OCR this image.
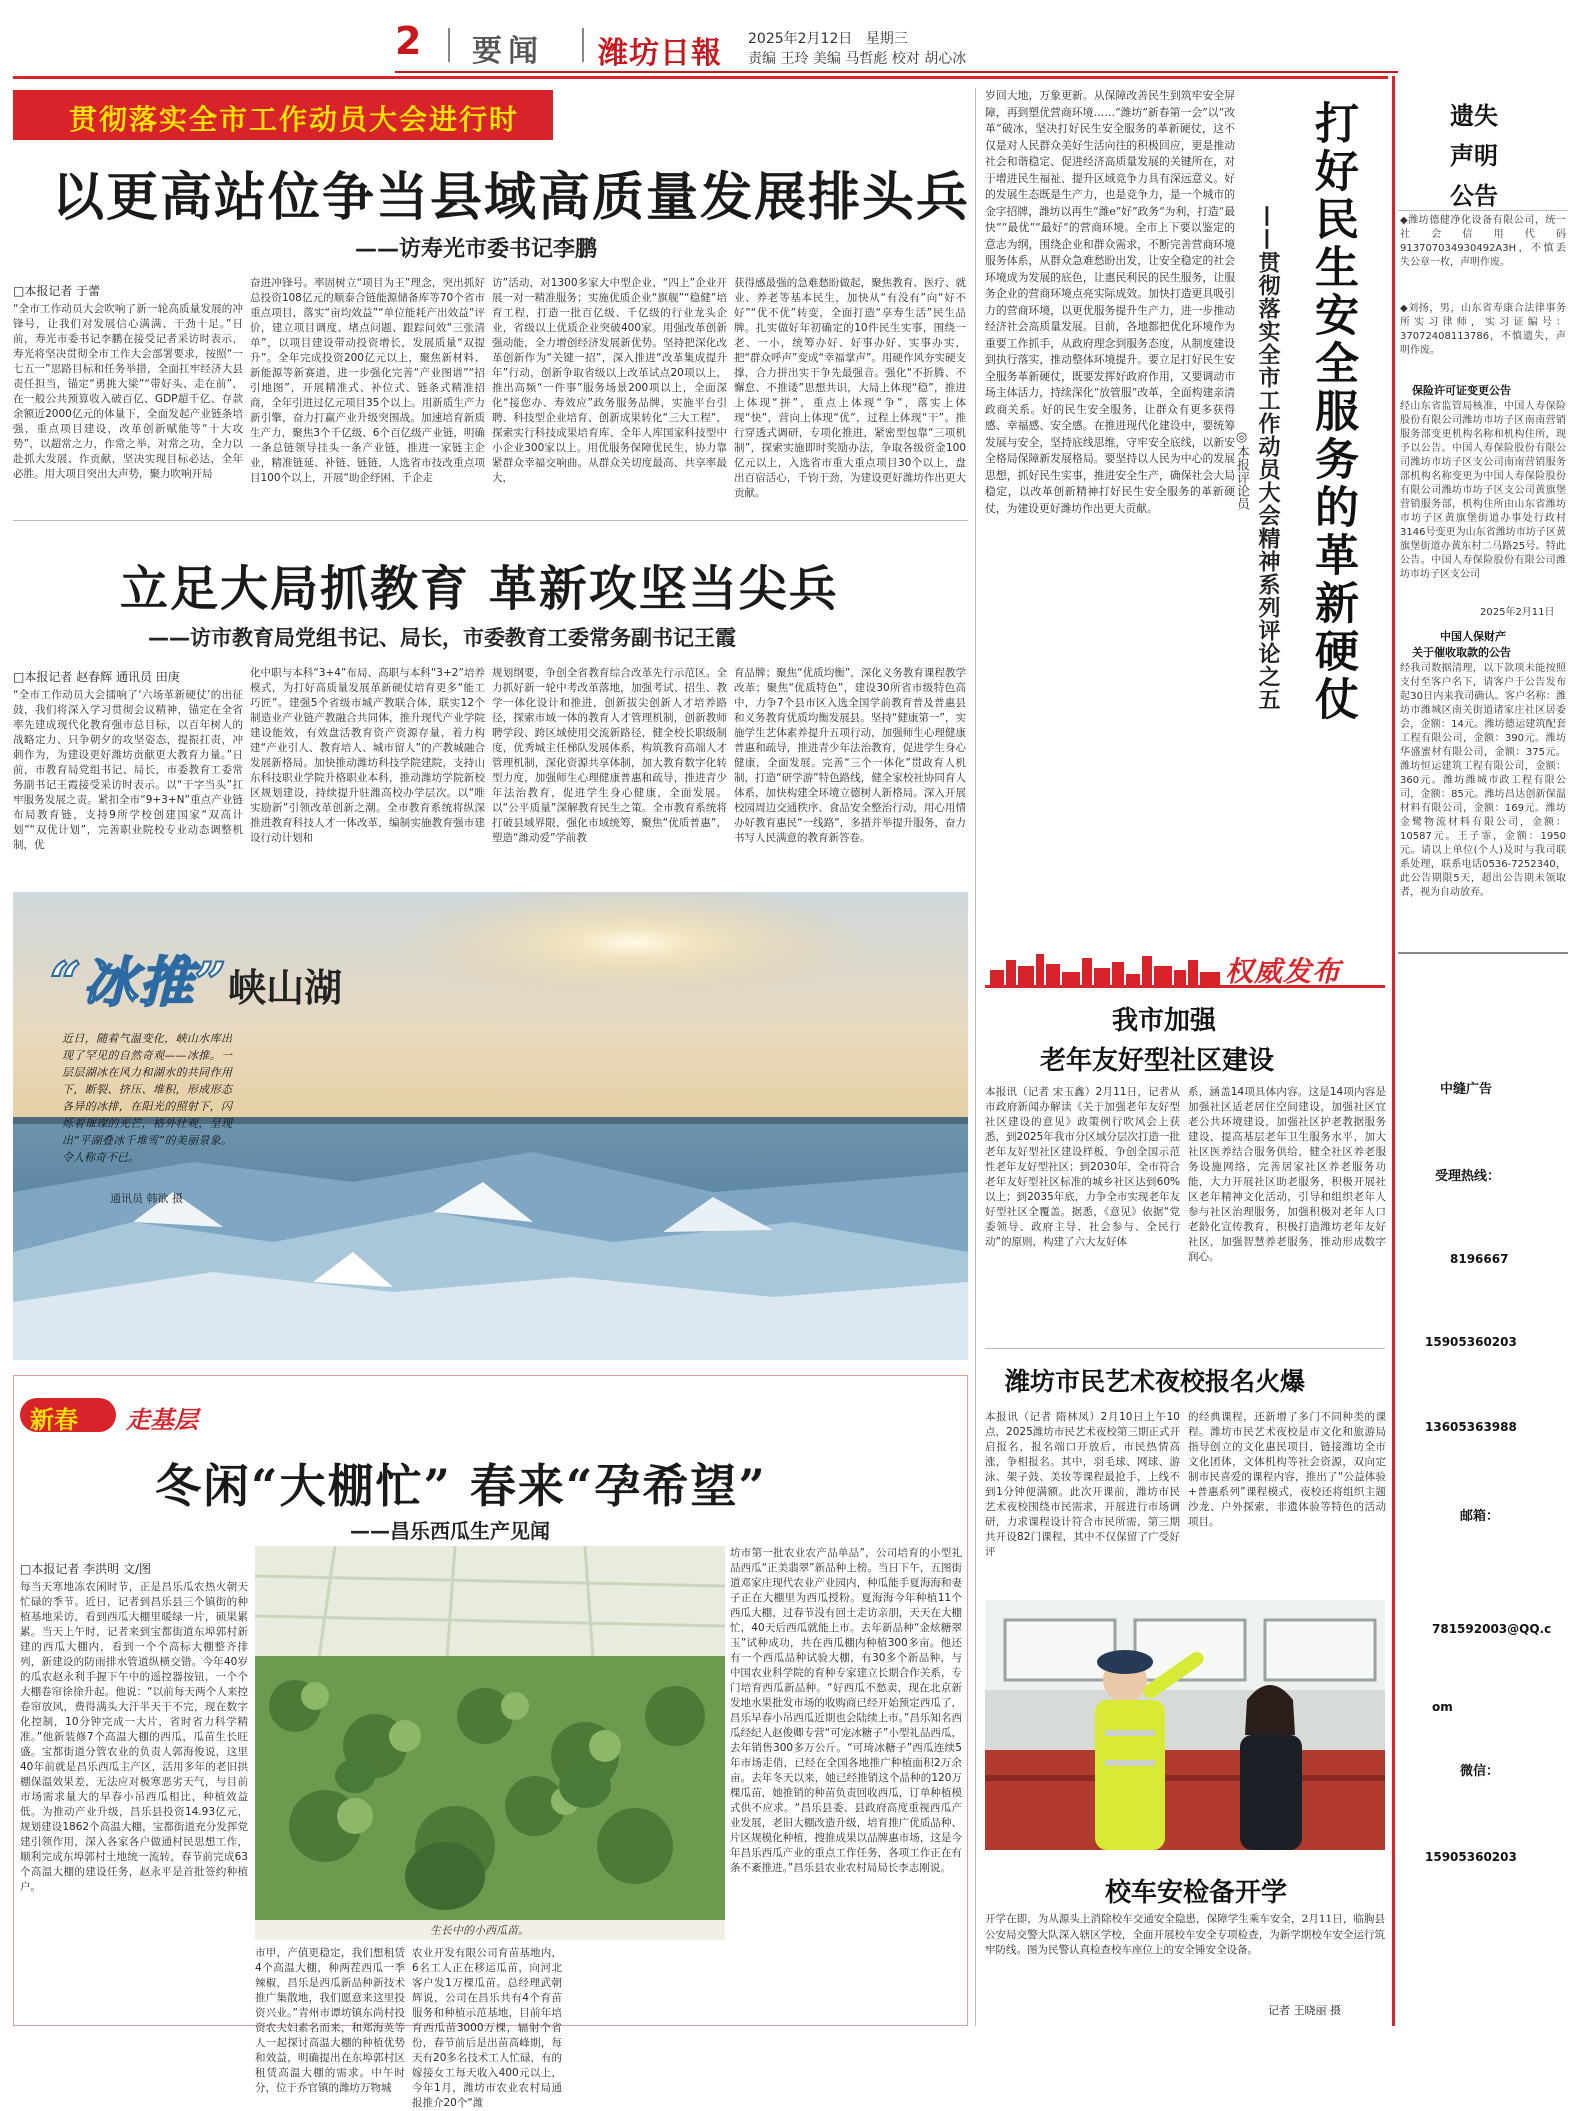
2 要闻 潍坊日報 2025年2月12日 星期三
责编 王玲 美编 马哲彪 校对 胡心冰
贯彻落实全市工作动员大会进行时
以更高站位争当县域高质量发展排头兵
——访寿光市委书记李鹏
□本报记者 于蕾
“全市工作动员大会吹响了新一轮高质量发展的冲锋号，让我们对发展信心满满、干劲十足。”日前，寿光市委书记李鹏在接受记者采访时表示，寿光将坚决贯彻全市工作大会部署要求，按照“一七五一”思路目标和任务举措，全面扛牢经济大县责任担当，锚定“勇挑大梁”“带好头、走在前”，在一般公共预算收入破百亿、GDP超千亿、存款余额近2000亿元的体量下，全面发起产业链条培强，重点项目建设，改革创新赋能等“十大攻势”，以超常之力，作常之举，对常之功，全力以赴抓大发展、作贡献，坚决实现目标必达，全年必胜。用大项目突出大声势，聚力吹响开局
奋进冲锋号。率固树立“项目为王”理念，突出抓好总投资108亿元的顺泰合链能源储备库等70个省市重点项目，落实“亩均效益”“单位能耗产出效益”评价，建立项目调度、堵点问题、跟踪问效“三张清单”，以项目建设带动投资增长，发展质量“双提升”。全年完成投资200亿元以上，聚焦新材料、新能源等新赛道，进一步强化完善“产业图谱”“招引地图”，开展精准式、补位式、链条式精准招商，全年引进过亿元项目35个以上。用新质生产力新引擎，奋力打赢产业升级突围战。加速培育新质生产力，聚焦3个千亿级、6个百亿级产业链，明确一条总链领导挂头一条产业链，推进一家链主企业，精准链延、补链、链链，人选省市技改重点项目100个以上，开展“助企纾困、千企走
访”活动，对1300多家大中型企业、“四上”企业开展一对一精准服务；实施优质企业“旗舰”“稳健”培育工程，打造一批百亿级、千亿级的行业龙头企业，省级以上优质企业突破400家。用强改革创新强动能，全力增创经济发展新优势。坚持把深化改革创新作为“关键一招”，深入推进“改革集成提升年”行动，创新争取省级以上改革试点20项以上，推出高频“一件事”服务场景200项以上，全面深化“接您办、寿效应”政务服务品牌，实施平台引聘、科技型企业培育、创新成果转化“三大工程”，探索实行科技成果培育库、全年人库国家科技型中小企业300家以上。用优服务保障优民生，协力靠紧群众幸福交响曲。从群众关切度最高、共享率最大，
获得感最强的急难愁盼做起，聚焦教育、医疗、就业、养老等基本民生，加快从“有没有”向“好不好”“优不优”转变，全面打造“享寿生活”民生品牌。扎实做好年初确定的10件民生实事，围绕一老、一小，统筹办好、好事办好、实事办实，把“群众呼声”变成“幸福掌声”。用硬作风夯实硬支撑，合力拼出实干争先最强音。强化“不折腾、不懈怠、不推诿”思想共识，大局上体现“稳”，推进上体现“拼”，重点上体现“争”，落实上体现“快”，营向上体现“优”，过程上体现“干”。推行穿透式调研，专项化推进，紧密型包靠“三项机制”，探索实施即时奖励办法，争取各级资金100亿元以上，入选省市重大重点项目30个以上，盘出百宿活心，千钧干劲，为建设更好潍坊作出更大贡献。
立足大局抓教育 革新攻坚当尖兵
——访市教育局党组书记、局长，市委教育工委常务副书记王霞
□本报记者 赵春辉 通讯员 田庚
“全市工作动员大会擂响了‘六场革新硬仗’的出征鼓，我们将深入学习贯彻会议精神，锚定在全省率先建成现代化教育强市总目标，以百年树人的战略定力、只争朝夕的攻坚姿态，提振扛责，冲刺作为，为建设更好潍坊贡献更大教育力量。”日前，市教育局党组书记、局长，市委教育工委常务副书记王霞接受采访时表示。以“干字当头”扛牢服务发展之责。紧扣全市“9+3+N”重点产业链布局教育链，支持9所学校创建国家“双高计划”“双优计划”，完善职业院校专业动态调整机制，优
化中职与本科“3+4”布局、高职与本科“3+2”培养模式，为打好高质量发展革新硬仗培育更多“能工巧匠”。建强5个省级市城产教联合体，联实12个制造业产业链产教融合共同体，推升现代产业学院建设能效，有效盘活教育资产资源存量，着力构建“产业引人、教育培人、城市留人”的产教城融合发展新格局。加快推动潍坊科技学院建院，支持山东科技职业学院升格职业本科，推动潍坊学院新校区规划建设，持续提升驻潍高校办学层次。以“唯实励新”引领改革创新之潮。全市教育系统将纵深推进教育科技人才一体改革，编制实施教育强市建设行动计划和
规划纲要，争创全省教育综合改革先行示范区。全力抓好新一轮中考改革落地，加强考试、招生、教学一体化设计和推进，创新拔尖创新人才培养路径，探索市域一体的教育人才管理机制，创新教师聘学段、跨区域使用交流新路径，健全校长职级制度，优秀城主任梯队发展体系，构筑教育高端人才管理机制，深化资源共享体制，加大教育数字化转型力度，加强师生心理健康普惠和疏导，推进青少年法治教育，促进学生身心健康，全面发展。以“公平质量”深解教育民生之策。全市教育系统将打破县域界限，强化市域统筹，聚焦“优质普惠”，塑造“潍动爱”学前教
育品牌；聚焦“优质均衡”，深化义务教育课程教学改革；聚焦“优质特色”，建设30所省市级特色高中，力争7个县市区入选全国学前教育普及普惠县和义务教育优质均衡发展县。坚持“健康第一”，实施学生艺体素养提升五项行动，加强师生心理健康普惠和疏导，推进青少年法治教育，促进学生身心健康，全面发展。完善“三个一体化”贯政育人机制，打造“研学游”特色路线，健全家校社协同育人体系，加快构建全环境立德树人新格局。深入开展校园周边交通秩序、食品安全整治行动，用心用情办好教育惠民“一线路”，多措并举提升服务，奋力书写人民满意的教育新答卷。
“冰推”峡山湖
近日，随着气温变化，峡山水库出现了罕见的自然奇观——冰推。一层层湖冰在风力和湖水的共同作用下，断裂、挤压、堆积，形成形态各异的冰排，在阳光的照射下，闪烁着璀璨的光芒，格外壮观，呈现出“平湖叠冰千堆雪”的美丽景象。令人称奇不已。
通讯员 韩欲 摄
新春 走基层
冬闲“大棚忙” 春来“孕希望”
——昌乐西瓜生产见闻
□本报记者 李洪明 文/图
每当天寒地冻农闲时节，正是昌乐瓜农热火朝天忙碌的季节。近日，记者到昌乐县三个镇街的种植基地采访，看到西瓜大棚里暖绿一片，硕果累累。当天上午时，记者来到宝都街道东埠郭村新建的西瓜大棚内，看到一个个高标大棚整齐排列，新建设的防雨排水管道纵横交错。今年40岁的瓜农赵永利手握下午中的遥控器按钮，一个个大棚卷帘徐徐升起。他说：“以前每天两个人来控卷帘放风，费得满头大汗半天干不完，现在数字化控制，10分钟完成一大片，省时省力科学精准。”他新装修7个高温大棚的西瓜，瓜苗生长旺盛。宝都街道分管农业的负责人郭海俊说，这里40年前就是昌乐西瓜主产区，活用多年的老旧拱棚保温效果差，无法应对极寒恶劣天气，与目前市场需求量大的早春小吊西瓜相比，种植效益低。为推动产业升级，昌乐县投资14.93亿元，规划建设1862个高温大棚，宝都街道充分发挥党建引领作用，深入各家各户做通村民思想工作，顺利完成东埠郭村土地统一流转，春节前完成63个高温大棚的建设任务，赵永平是首批签约种植户。
生长中的小西瓜苗。
市甲，产值更稳定，我们想租赁4个高温大棚，种两茬西瓜一季辣椒，昌乐是西瓜新品种新技术推广集散地，我们愿意来这里投资兴业。”青州市谭坊镇东尚村投资农夫妇素名而来，和郑海英等人一起探讨高温大棚的种植优势和效益，明确提出在东埠郭村区租赁高温大棚的需求。中午时分，位于乔官镇的潍坊万物城
农业开发有限公司育苗基地内，6名工人正在移运瓜苗，向河北客户发1万棵瓜苗。总经理武朝辉说，公司在昌乐共有4个育苗服务和种植示范基地，目前年培育西瓜苗3000万棵，辐射个省份，春节前后是出苗高峰期，每天有20多名技术工人忙碌，有的嫁接女工每天收入400元以上，今年1月，潍坊市农业农村局通报推介20个“潍
坊市第一批农业农产品单品”，公司培育的小型礼品西瓜“正美翡翠”新品种上榜。当日下午，五图街道邓家庄现代农业产业园内，种瓜能手夏海海和妻子正在大棚里为西瓜授粉。夏海海今年种植11个西瓜大棚，过春节没有回土走访亲朋，天天在大棚忙，40天后西瓜就能上市。去年新品种“金炫糖翠玉”试种成功，共在西瓜棚内种植300多亩。他还有一个西瓜品种试验大棚，有30多个新品种，与中国农业科学院的育种专家建立长期合作关系，专门培育西瓜新品种。“好西瓜不愁卖，现在北京新发地水果批发市场的收购商已经开始预定西瓜了，昌乐早春小吊西瓜近期也会陆续上市。”昌乐知名西瓜经纪人赵俊卿专营“可宠冰糖子”小型礼品西瓜，去年销售300多万公斤。“可琦冰糖子”西瓜连续5年市场走俏，已经在全国各地推广种植面积2万余亩。去年冬天以来，她已经推销这个品种的120万棵瓜苗，她推销的种苗负责回收西瓜，订单种植模式供不应求。“昌乐县委、县政府高度重视西瓜产业发展，老旧大棚改造升级，培育推广优质品种、片区规模化种植，搜推成果以品牌惠市场，这是今年昌乐西瓜产业的重点工作任务，各项工作正在有条不紊推进。”昌乐县农业农村局局长李志刚说。
岁回大地，万象更新。从保障改善民生到筑牢安全屏障，再到塑优营商环境……“潍坊”新春第一会”以“改革”破冰，坚决打好民生安全服务的革新硬仗，这不仅是对人民群众美好生活向往的积极回应，更是推动社会和谐稳定、促进经济高质量发展的关键所在，对于增进民生福祉、提升区域竞争力具有深远意义。好的发展生态既是生产力，也是竞争力，是一个城市的金字招牌，潍坊以再生“潍e”好”政务“为利，打造“最快”“最优”“最好”的营商环境。全市上下要以鉴定的意志为纲，围绕企业和群众需求，不断完善营商环境服务体系，从群众急难愁盼出发，让安全稳定的社会环境成为发展的底色，让惠民利民的民生服务，让服务企业的营商环境点亮实际成效。加快打造更具吸引力的营商环境，以更优服务提升生产力，进一步推动经济社会高质量发展。目前，各地都把优化环境作为重要工作抓手，从政府理念到服务态度，从制度建设到执行落实，推动整体环境提升。要立足打好民生安全服务革新硬仗，既要发挥好政府作用，又要调动市场主体活力，持续深化“放管服”改革，全面构建亲清政商关系。好的民生安全服务，让群众有更多获得感、幸福感、安全感。在推进现代化建设中，要统筹发展与安全，坚持底线思维，守牢安全底线，以新安全格局保障新发展格局。要坚持以人民为中心的发展思想，抓好民生实事，推进安全生产，确保社会大局稳定，以改革创新精神打好民生安全服务的革新硬仗，为建设更好潍坊作出更大贡献。	打好民生安全服务的革新硬仗
——贯彻落实全市工作动员大会精神系列评论之五
◎本报评论员
权威发布
我市加强
老年友好型社区建设
本报讯（记者 宋玉鑫）2月11日，记者从市政府新闻办解读《关于加强老年友好型社区建设的意见》政策例行吹风会上获悉，到2025年我市分区域分层次打造一批老年友好型社区建设样板，争创全国示范性老年友好型社区；到2030年，全市符合老年友好型社区标准的城乡社区达到60%以上；到2035年底，力争全市实现老年友好型社区全覆盖。据悉，《意见》依据“党委领导、政府主导、社会参与、全民行动”的原则，构建了六大友好体
系，涵盖14项具体内容。这是14项内容是加强社区适老居住空间建设，加强社区宜老公共环境建设，加强社区护老教据服务建设，提高基层老年卫生服务水平，加大社区医养结合服务供给，健全社区养老服务设施网络，完善居家社区养老服务功能，大力开展社区助老服务，积极开展社区老年精神文化活动，引导和组织老年人参与社区治理服务，加强积极对老年人口老龄化宣传教育，积极打造潍坊老年友好社区，加强智慧养老服务，推动形成数字润心。
潍坊市民艺术夜校报名火爆
本报讯（记者 隋林凤）2月10日上午10点，2025潍坊市民艺术夜校第三期正式开启报名，报名端口开放后，市民热情高涨，争相报名。其中，羽毛球、网球、游泳、架子鼓、美妆等课程最抢手，上线不到1分钟便满额。此次开课前，潍坊市民艺术夜校围绕市民需求，开展进行市场调研，力求课程设计符合市民所需，第三期共开设82门课程，其中不仅保留了广受好评
的经典课程，还新增了多门不同种类的课程。潍坊市民艺术夜校是市文化和旅游局指导创立的文化惠民项目，链接潍坊全市文化团体，文体机构等社会资源，双向定制市民喜爱的课程内容，推出了“公益体验+普惠系列”课程模式，夜校还将组织主题沙龙、户外探索，非遗体验等特色的活动项目。
校车安检备开学
开学在即，为从源头上消除校车交通安全隐患，保障学生乘车安全，2月11日，临朐县公安局交警大队深入辖区学校，全面开展校车安全专项检查，为新学期校车安全运行筑牢防线。图为民警认真检查校车座位上的安全锤安全设备。
记者 王晓丽 摄
遗失
声明
公告
◆潍坊德健净化设备有限公司，统一社会信用代码913707034930492A3H，不慎丢失公章一枚，声明作废。
◆刘扬，男，山东省寿康合法律事务所实习律师，实习证编号：37072408113786，不慎遗失，声明作废。
保险许可证变更公告
经山东省监管局核准，中国人寿保险股份有限公司潍坊市坊子区南南营销服务部变更机构名称和机构住所，现予以公告。中国人寿保险股份有限公司潍坊市坊子区支公司南南营销服务部机构名称变更为中国人寿保险股份有限公司潍坊市坊子区支公司黄旗堡营销服务部，机构住所由山东省潍坊市坊子区黄旗堡街道办事处行政村3146号变更为山东省潍坊市坊子区黄旗堡街道办黄东村二马路25号。特此公告。中国人寿保险股份有限公司潍坊市坊子区支公司
2025年2月11日
中国人保财产
关于催收取款的公告
经我司数据清理，以下款项未能按照支付至客户名下，请客户于公告发布起30日内来我司确认。客户名称：潍坊市潍城区南关街道诸家庄社区居委会，金额：14元。潍坊德运建筑配套工程有限公司，金额：390元。潍坊华盛蜜材有限公司，金额：375元。潍坊恒运建筑工程有限公司，金额：360元。潍坊潍城市政工程有限公司，金额：85元。潍坊昌达创新保温材料有限公司，金额：169元。潍坊金鹭物流材料有限公司，金额：10587元。王子霏，金额：1950元。请以上单位(个人)及时与我司联系处理，联系电话0536-7252340，此公告期限5天，超出公告期未领取者，视为自动放弃。
中缝广告
受理热线：
8196667
15905360203
13605363988
邮箱：
781592003@QQ.com
微信：
15905360203
